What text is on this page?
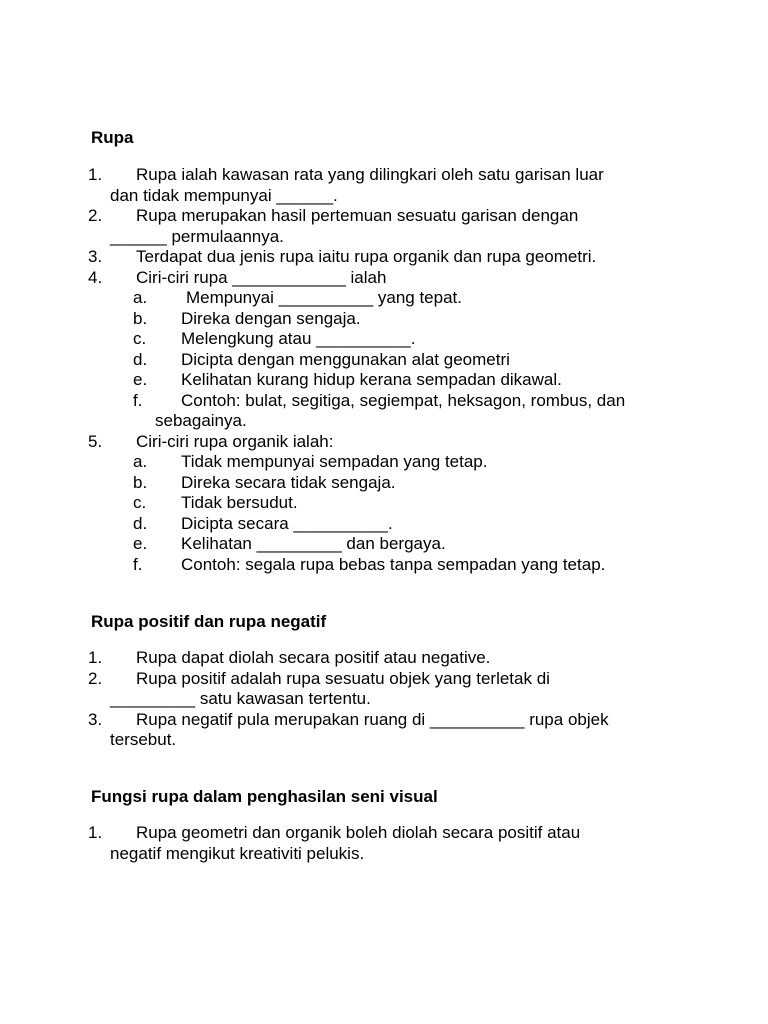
Rupa
1. Rupa ialah kawasan rata yang dilingkari oleh satu garisan luar
dan tidak mempunyai ______.
2. Rupa merupakan hasil pertemuan sesuatu garisan dengan
______ permulaannya.
3. Terdapat dua jenis rupa iaitu rupa organik dan rupa geometri.
4. Ciri-ciri rupa ____________ ialah
a. Mempunyai __________ yang tepat.
b. Direka dengan sengaja.
c. Melengkung atau __________.
d. Dicipta dengan menggunakan alat geometri
e. Kelihatan kurang hidup kerana sempadan dikawal.
f. Contoh: bulat, segitiga, segiempat, heksagon, rombus, dan
sebagainya.
5. Ciri-ciri rupa organik ialah:
a. Tidak mempunyai sempadan yang tetap.
b. Direka secara tidak sengaja.
c. Tidak bersudut.
d. Dicipta secara __________.
e. Kelihatan _________ dan bergaya.
f. Contoh: segala rupa bebas tanpa sempadan yang tetap.
Rupa positif dan rupa negatif
1. Rupa dapat diolah secara positif atau negative.
2. Rupa positif adalah rupa sesuatu objek yang terletak di
_________ satu kawasan tertentu.
3. Rupa negatif pula merupakan ruang di __________ rupa objek
tersebut.
Fungsi rupa dalam penghasilan seni visual
1. Rupa geometri dan organik boleh diolah secara positif atau
negatif mengikut kreativiti pelukis.
